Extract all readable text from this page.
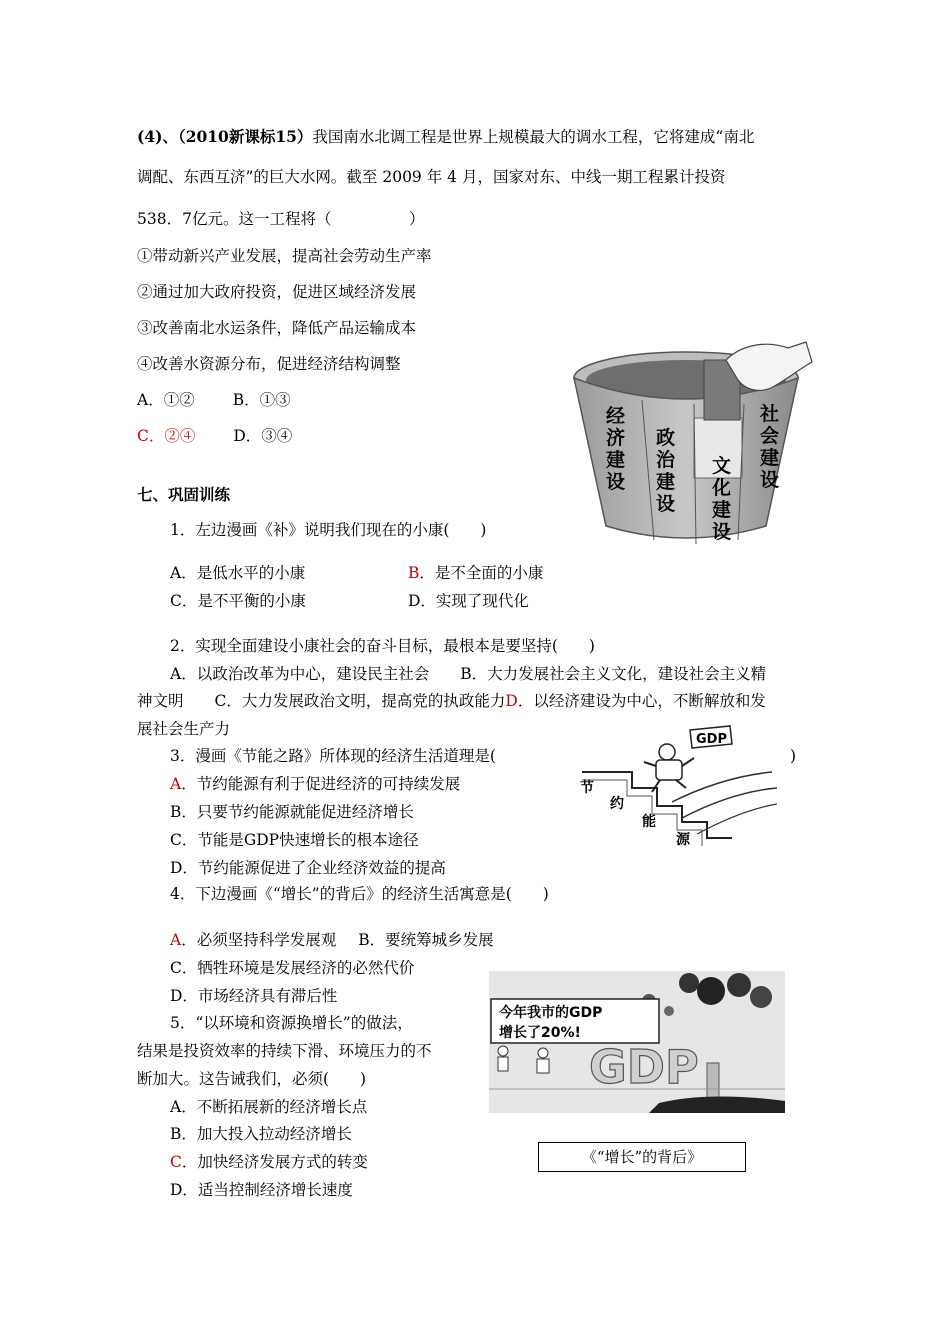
(4)、（2010新课标15）我国南水北调工程是世界上规模最大的调水工程，它将建成“南北
调配、东西互济”的巨大水网。截至 2009 年 4 月，国家对东、中线一期工程累计投资
538．7亿元。这一工程将（　　　　　）
①带动新兴产业发展，提高社会劳动生产率
②通过加大政府投资，促进区域经济发展
③改善南北水运条件，降低产品运输成本
④改善水资源分布，促进经济结构调整
A．①② B．①③
C．②④ D．③④
经济建设
政治建设
文化建设
社会建设
七、巩固训练
1．左边漫画《补》说明我们现在的小康(　　)
A．是低水平的小康	B．是不全面的小康
C．是不平衡的小康	D．实现了现代化
2．实现全面建设小康社会的奋斗目标，最根本是要坚持(　　)
A．以政治改革为中心，建设民主社会　　B．大力发展社会主义文化，建设社会主义精
神文明　　C．大力发展政治文明，提高党的执政能力D．以经济建设为中心，不断解放和发
展社会生产力
3．漫画《节能之路》所体现的经济生活道理是(	)
A．节约能源有利于促进经济的可持续发展
B．只要节约能源就能促进经济增长
C．节能是GDP快速增长的根本途径
D．节约能源促进了企业经济效益的提高
GDP
节
约
能
源
4．下边漫画《“增长”的背后》的经济生活寓意是(　　)
A．必须坚持科学发展观 B．要统筹城乡发展
C．牺牲环境是发展经济的必然代价
D．市场经济具有滞后性
5．“以环境和资源换增长”的做法，
结果是投资效率的持续下滑、环境压力的不
断加大。这告诫我们，必须(　　)
A．不断拓展新的经济增长点
B．加大投入拉动经济增长
C．加快经济发展方式的转变
D．适当控制经济增长速度
今年我市的GDP
增长了20%!
GDP
《“增长”的背后》
